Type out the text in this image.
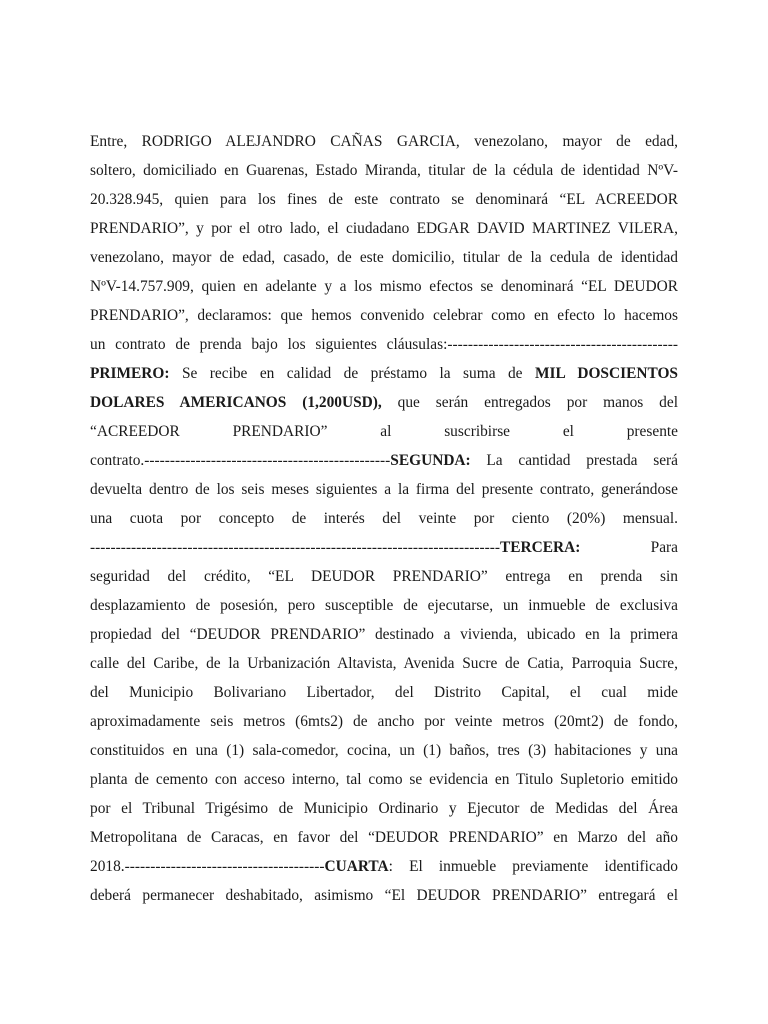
Entre, RODRIGO ALEJANDRO CAÑAS GARCIA, venezolano, mayor de edad,
soltero, domiciliado en Guarenas, Estado Miranda, titular de la cédula de identidad NºV-
20.328.945, quien para los fines de este contrato se denominará “EL ACREEDOR
PRENDARIO”, y por el otro lado, el ciudadano EDGAR DAVID MARTINEZ VILERA,
venezolano, mayor de edad, casado, de este domicilio, titular de la cedula de identidad
NºV-14.757.909, quien en adelante y a los mismo efectos se denominará “EL DEUDOR
PRENDARIO”, declaramos: que hemos convenido celebrar como en efecto lo hacemos
un contrato de prenda bajo los siguientes cláusulas:---------------------------------------------
PRIMERO: Se recibe en calidad de préstamo la suma de MIL DOSCIENTOS
DOLARES AMERICANOS (1,200USD), que serán entregados por manos del
“ACREEDOR PRENDARIO” al suscribirse el presente
contrato.------------------------------------------------SEGUNDA: La cantidad prestada será
devuelta dentro de los seis meses siguientes a la firma del presente contrato, generándose
una cuota por concepto de interés del veinte por ciento (20%) mensual.
--------------------------------------------------------------------------------TERCERA: Para
seguridad del crédito, “EL DEUDOR PRENDARIO” entrega en prenda sin
desplazamiento de posesión, pero susceptible de ejecutarse, un inmueble de exclusiva
propiedad del “DEUDOR PRENDARIO” destinado a vivienda, ubicado en la primera
calle del Caribe, de la Urbanización Altavista, Avenida Sucre de Catia, Parroquia Sucre,
del Municipio Bolivariano Libertador, del Distrito Capital, el cual mide
aproximadamente seis metros (6mts2) de ancho por veinte metros (20mt2) de fondo,
constituidos en una (1) sala-comedor, cocina, un (1) baños, tres (3) habitaciones y una
planta de cemento con acceso interno, tal como se evidencia en Titulo Supletorio emitido
por el Tribunal Trigésimo de Municipio Ordinario y Ejecutor de Medidas del Área
Metropolitana de Caracas, en favor del “DEUDOR PRENDARIO” en Marzo del año
2018.---------------------------------------CUARTA: El inmueble previamente identificado
deberá permanecer deshabitado, asimismo “El DEUDOR PRENDARIO” entregará el
